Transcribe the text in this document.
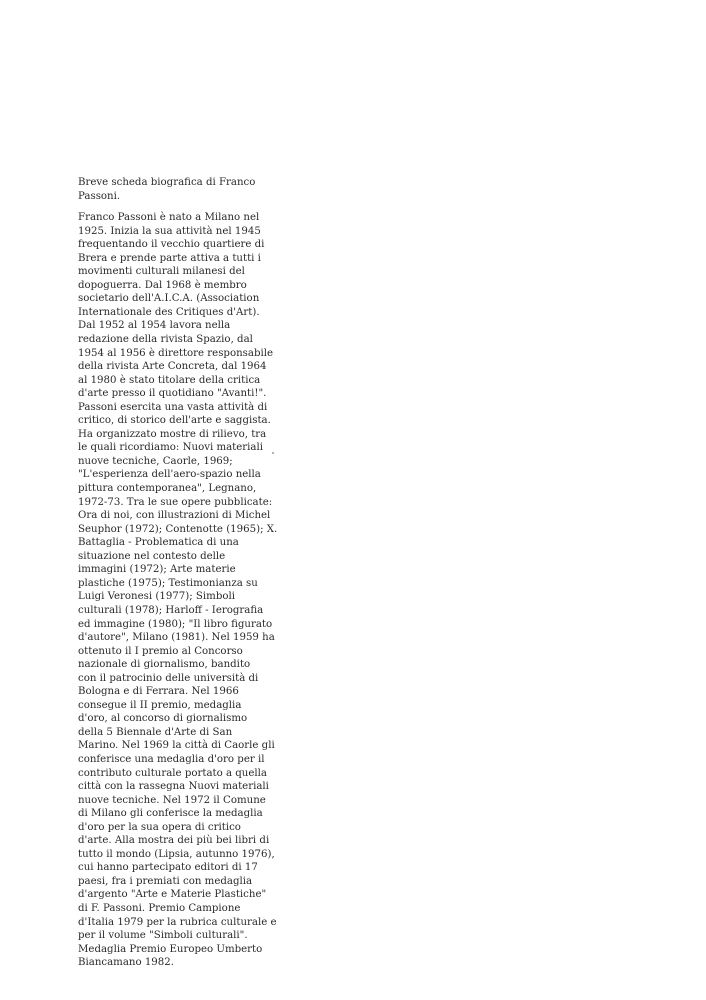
Breve scheda biografica di Franco
Passoni.
Franco Passoni è nato a Milano nel
1925. Inizia la sua attività nel 1945
frequentando il vecchio quartiere di
Brera e prende parte attiva a tutti i
movimenti culturali milanesi del
dopoguerra. Dal 1968 è membro
societario dell'A.I.C.A. (Association
Internationale des Critiques d'Art).
Dal 1952 al 1954 lavora nella
redazione della rivista Spazio, dal
1954 al 1956 è direttore responsabile
della rivista Arte Concreta, dal 1964
al 1980 è stato titolare della critica
d'arte presso il quotidiano "Avanti!".
Passoni esercita una vasta attività di
critico, di storico dell'arte e saggista.
Ha organizzato mostre di rilievo, tra
le quali ricordiamo: Nuovi materiali
nuove tecniche, Caorle, 1969;
"L'esperienza dell'aero-spazio nella
pittura contemporanea", Legnano,
1972-73. Tra le sue opere pubblicate:
Ora di noi, con illustrazioni di Michel
Seuphor (1972); Contenotte (1965); X.
Battaglia - Problematica di una
situazione nel contesto delle
immagini (1972); Arte materie
plastiche (1975); Testimonianza su
Luigi Veronesi (1977); Simboli
culturali (1978); Harloff - Ierografia
ed immagine (1980); "Il libro figurato
d'autore", Milano (1981). Nel 1959 ha
ottenuto il I premio al Concorso
nazionale di giornalismo, bandito
con il patrocinio delle università di
Bologna e di Ferrara. Nel 1966
consegue il II premio, medaglia
d'oro, al concorso di giornalismo
della 5 Biennale d'Arte di San
Marino. Nel 1969 la città di Caorle gli
conferisce una medaglia d'oro per il
contributo culturale portato a quella
città con la rassegna Nuovi materiali
nuove tecniche. Nel 1972 il Comune
di Milano gli conferisce la medaglia
d'oro per la sua opera di critico
d'arte. Alla mostra dei più bei libri di
tutto il mondo (Lipsia, autunno 1976),
cui hanno partecipato editori di 17
paesi, fra i premiati con medaglia
d'argento "Arte e Materie Plastiche"
di F. Passoni. Premio Campione
d'Italia 1979 per la rubrica culturale e
per il volume "Simboli culturali".
Medaglia Premio Europeo Umberto
Biancamano 1982.
